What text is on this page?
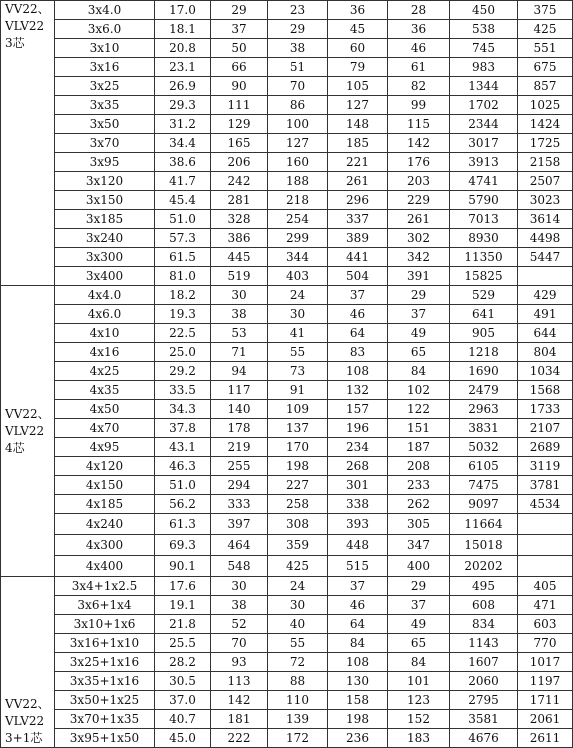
VV22、
VLV22
3芯	3x4.0	17.0	29	23	36	28	450	375
	3x6.0	18.1	37	29	45	36	538	425
	3x10	20.8	50	38	60	46	745	551
	3x16	23.1	66	51	79	61	983	675
	3x25	26.9	90	70	105	82	1344	857
	3x35	29.3	111	86	127	99	1702	1025
	3x50	31.2	129	100	148	115	2344	1424
	3x70	34.4	165	127	185	142	3017	1725
	3x95	38.6	206	160	221	176	3913	2158
	3x120	41.7	242	188	261	203	4741	2507
	3x150	45.4	281	218	296	229	5790	3023
	3x185	51.0	328	254	337	261	7013	3614
	3x240	57.3	386	299	389	302	8930	4498
	3x300	61.5	445	344	441	342	11350	5447
	3x400	81.0	519	403	504	391	15825	
VV22、
VLV22
4芯	4x4.0	18.2	30	24	37	29	529	429
	4x6.0	19.3	38	30	46	37	641	491
	4x10	22.5	53	41	64	49	905	644
	4x16	25.0	71	55	83	65	1218	804
	4x25	29.2	94	73	108	84	1690	1034
	4x35	33.5	117	91	132	102	2479	1568
	4x50	34.3	140	109	157	122	2963	1733
	4x70	37.8	178	137	196	151	3831	2107
	4x95	43.1	219	170	234	187	5032	2689
	4x120	46.3	255	198	268	208	6105	3119
	4x150	51.0	294	227	301	233	7475	3781
	4x185	56.2	333	258	338	262	9097	4534
	4x240	61.3	397	308	393	305	11664	
	4x300	69.3	464	359	448	347	15018	
	4x400	90.1	548	425	515	400	20202	
VV22、
VLV22
3+1芯	3x4+1x2.5	17.6	30	24	37	29	495	405
	3x6+1x4	19.1	38	30	46	37	608	471
	3x10+1x6	21.8	52	40	64	49	834	603
	3x16+1x10	25.5	70	55	84	65	1143	770
	3x25+1x16	28.2	93	72	108	84	1607	1017
	3x35+1x16	30.5	113	88	130	101	2060	1197
	3x50+1x25	37.0	142	110	158	123	2795	1711
	3x70+1x35	40.7	181	139	198	152	3581	2061
	3x95+1x50	45.0	222	172	236	183	4676	2611
